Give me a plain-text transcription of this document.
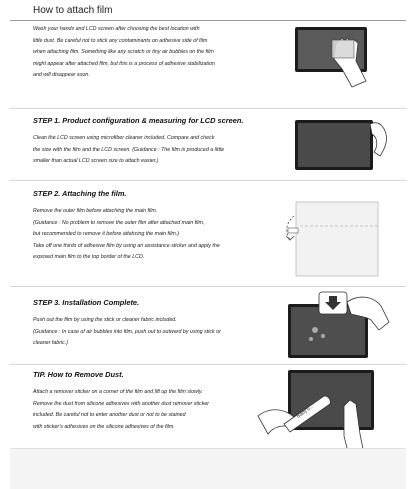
How to attach film
Wash your hands and LCD screen after choosing the best location with
little dust. Be careful not to stick any contaminants on adhesive side of film
when attaching film. Something like any scratch or tiny air bubbles on the film
might appear after attached film, but this is a process of adhesive stabilization
and will disappear soon.
STEP 1. Product configuration & measuring for LCD screen.
Clean the LCD screen using microfiber cleaner included. Compare and check
the size with the film and the LCD screen. (Guidance : The film is produced a little
smaller than actual LCD screen size to attach easier.)
STEP 2. Attaching the film.
Remove the outer film before attaching the main film.
(Guidance : No problem to remove the outer film after attached main film,
but recommended to remove it before attahcing the main film.)
Take off one thirds of adhesive film by using an assistance sticker and apply the
exposed main film to the top border of the LCD.
STEP 3. Installation Complete.
Push out the film by using the stick or cleaner fabric included.
(Guidance : In case of air bubbles into film, push out to outward by using stick or
cleaner fabric.)
TIP. How to Remove Dust.
Attach a remover sticker on a corner of the film and lift up the film slowly.
Remove the dust from silicone adhesives with another dust remover sticker
included. Be careful not to enter another dust or not to be stained
with sticker's adhesives on the silicone adhesives of the film.
Baby's...
